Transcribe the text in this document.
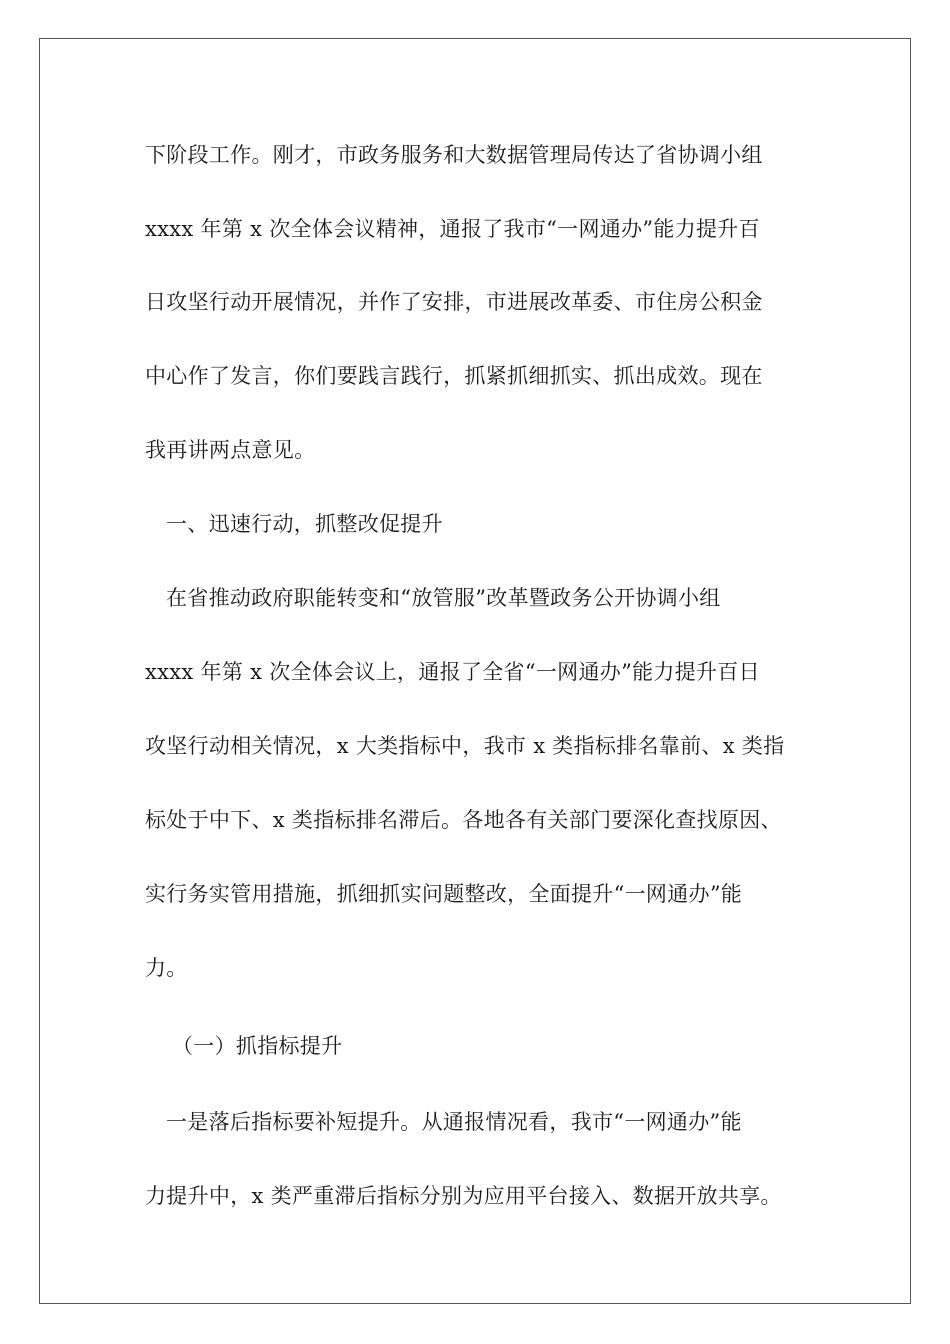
下阶段工作。刚才，市政务服务和大数据管理局传达了省协调小组
xxxx 年第 x 次全体会议精神，通报了我市“一网通办”能力提升百
日攻坚行动开展情况，并作了安排，市进展改革委、市住房公积金
中心作了发言，你们要践言践行，抓紧抓细抓实、抓出成效。现在
我再讲两点意见。
一、迅速行动，抓整改促提升
在省推动政府职能转变和“放管服”改革暨政务公开协调小组
xxxx 年第 x 次全体会议上，通报了全省“一网通办”能力提升百日
攻坚行动相关情况，x 大类指标中，我市 x 类指标排名靠前、x 类指
标处于中下、x 类指标排名滞后。各地各有关部门要深化查找原因、
实行务实管用措施，抓细抓实问题整改，全面提升“一网通办”能
力。
（一）抓指标提升
一是落后指标要补短提升。从通报情况看，我市“一网通办”能
力提升中，x 类严重滞后指标分别为应用平台接入、数据开放共享。
